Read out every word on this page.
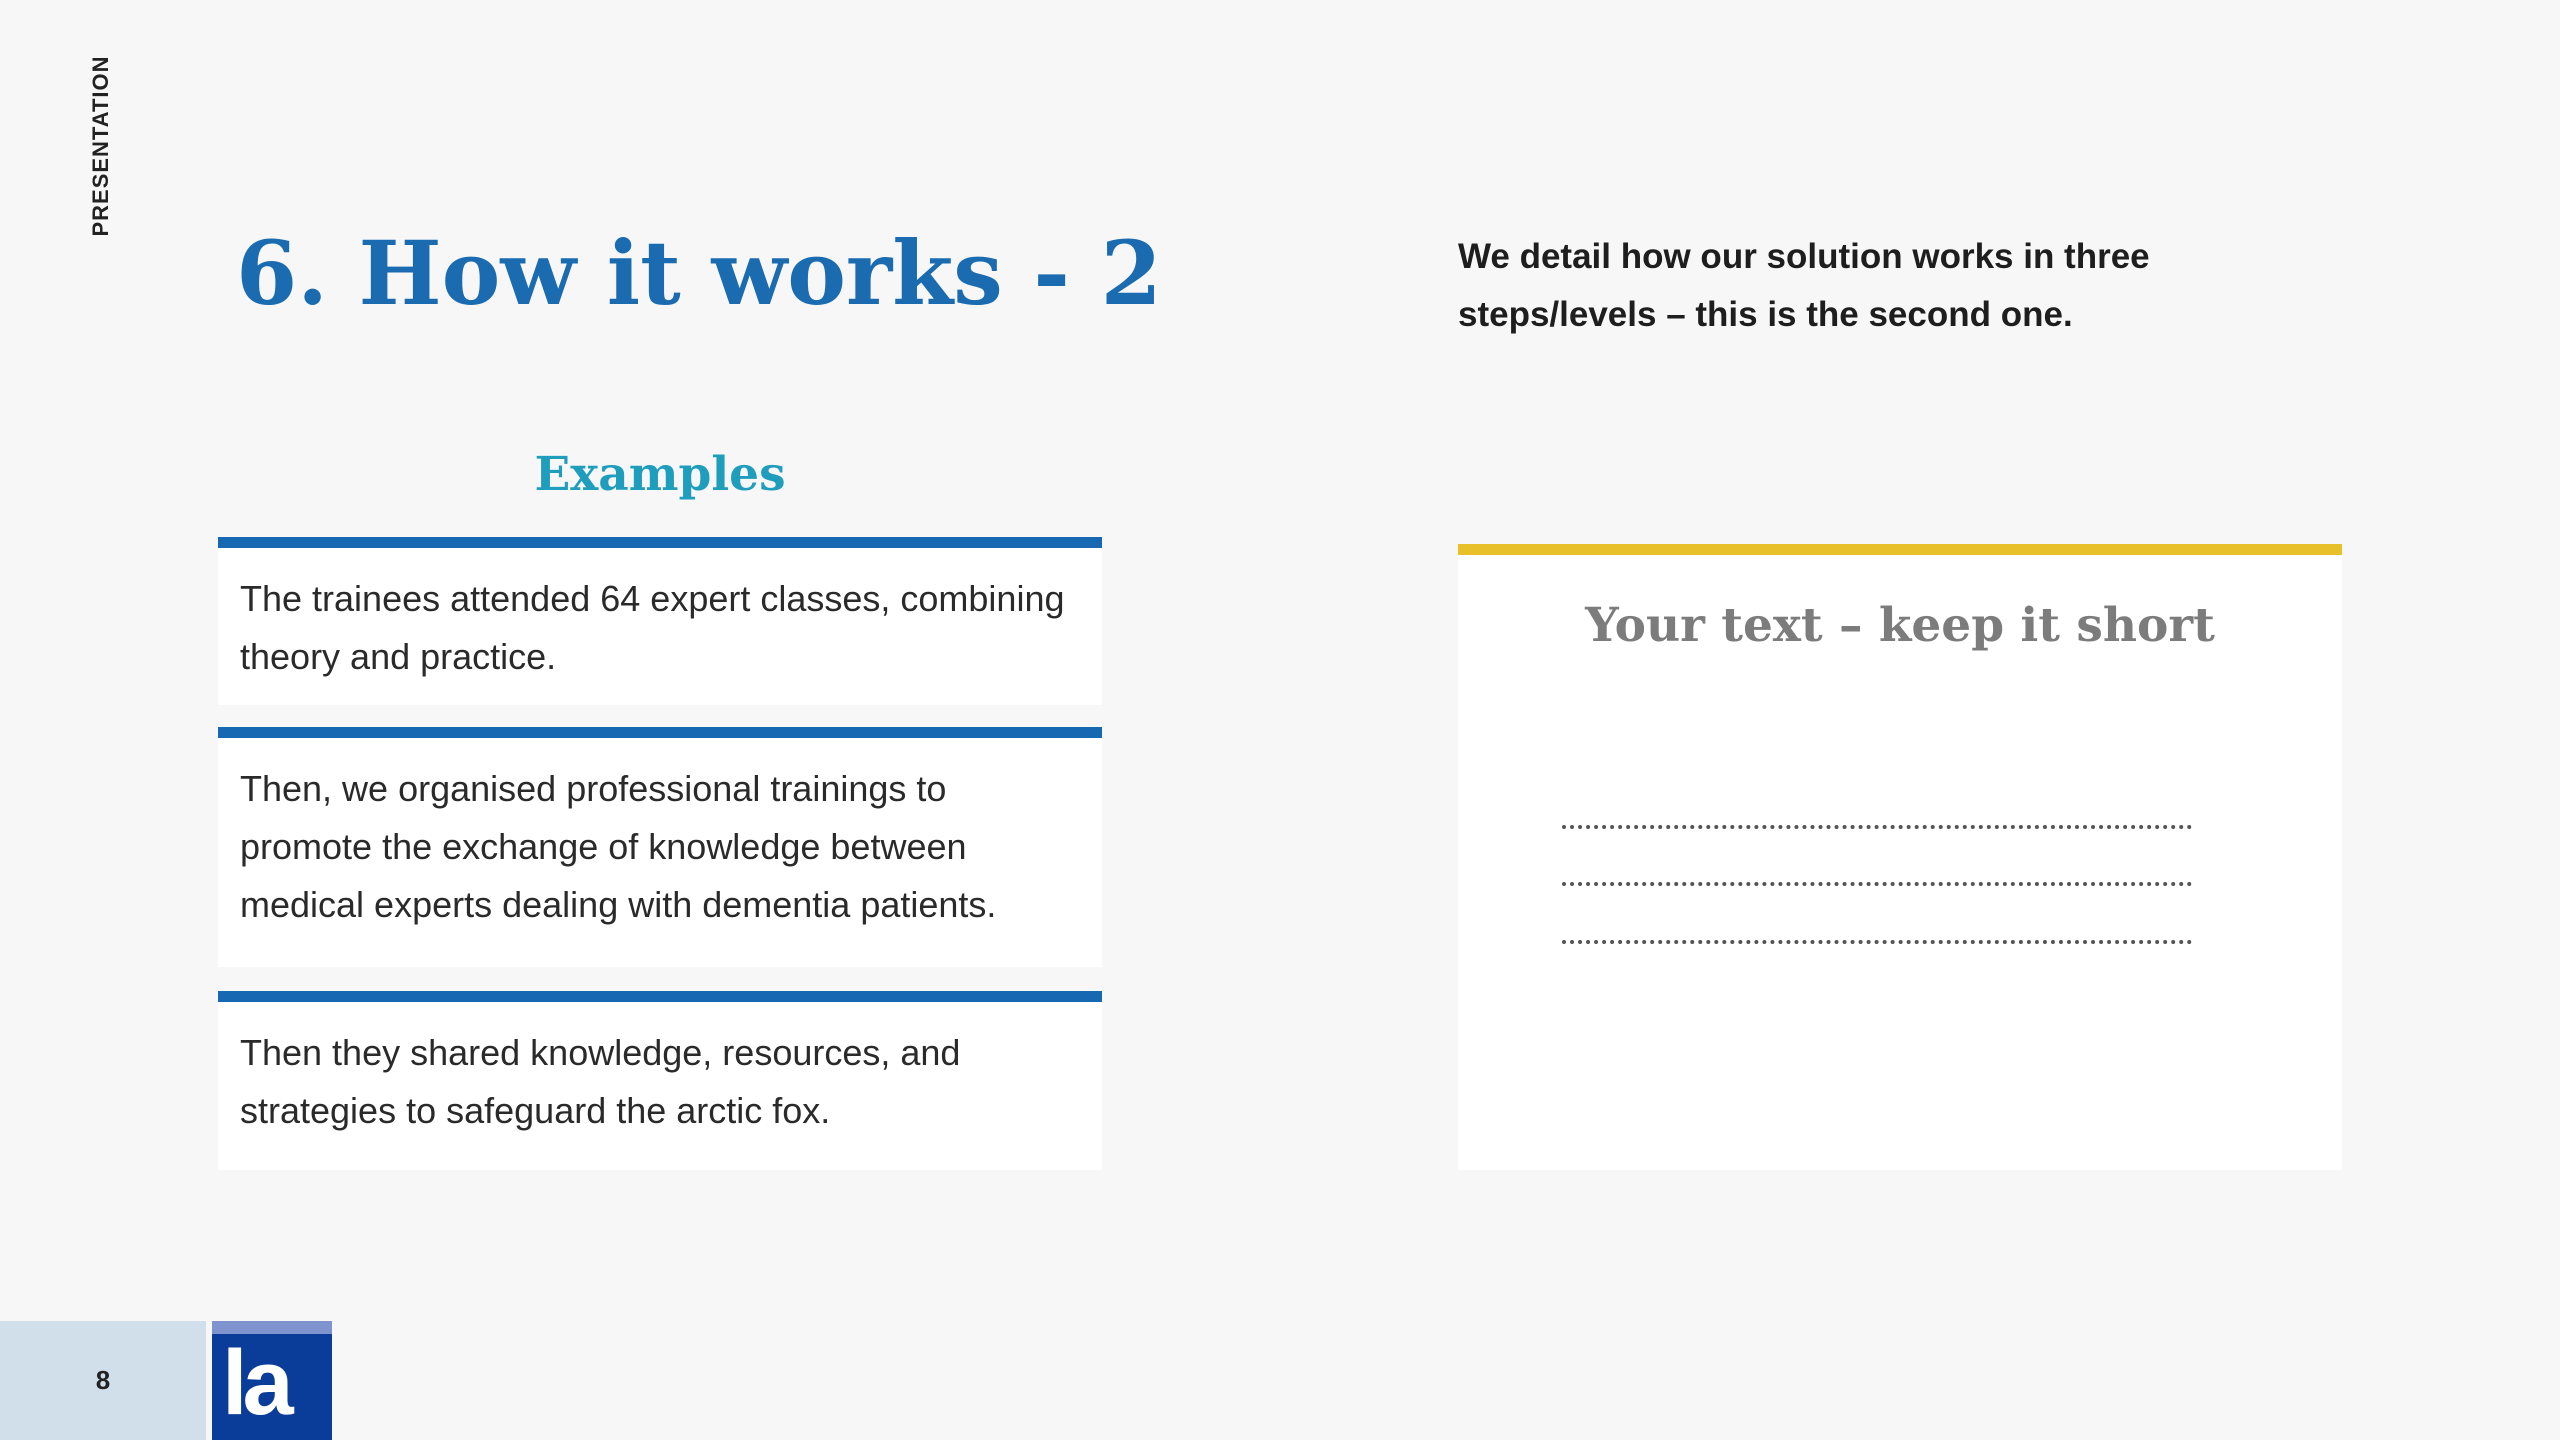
PRESENTATION
6. How it works - 2	We detail how our solution works in three steps/levels – this is the second one.
Examples
The trainees attended 64 expert classes, combining theory and practice.
Then, we organised professional trainings to promote the exchange of knowledge between medical experts dealing with dementia patients.
Then they shared knowledge, resources, and strategies to safeguard the arctic fox.
Your text – keep it short
8 la
